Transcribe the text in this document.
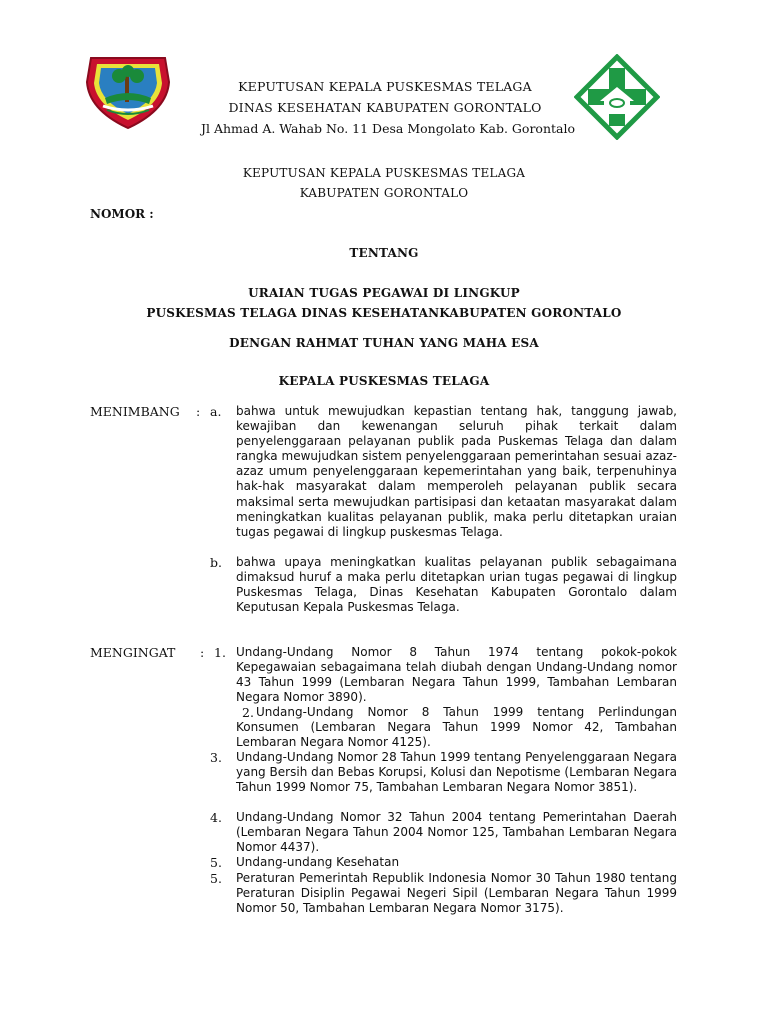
KEPUTUSAN KEPALA PUSKESMAS TELAGA
DINAS KESEHATAN KABUPATEN GORONTALO
Jl Ahmad A. Wahab No. 11 Desa Mongolato Kab. Gorontalo
KEPUTUSAN KEPALA PUSKESMAS TELAGA
KABUPATEN GORONTALO
NOMOR :
TENTANG
URAIAN TUGAS PEGAWAI DI LINGKUP
PUSKESMAS TELAGA DINAS KESEHATANKABUPATEN GORONTALO
DENGAN RAHMAT TUHAN YANG MAHA ESA
KEPALA PUSKESMAS TELAGA
MENIMBANG : a. bahwa untuk mewujudkan kepastian tentang hak, tanggung jawab, kewajiban dan kewenangan seluruh pihak terkait dalam penyelenggaraan pelayanan publik pada Puskemas Telaga dan dalam rangka mewujudkan sistem penyelenggaraan pemerintahan sesuai azaz-azaz umum penyelenggaraan kepemerintahan yang baik, terpenuhinya hak-hak masyarakat dalam memperoleh pelayanan publik secara maksimal serta mewujudkan partisipasi dan ketaatan masyarakat dalam meningkatkan kualitas pelayanan publik, maka perlu ditetapkan uraian tugas pegawai di lingkup puskesmas Telaga.
b. bahwa upaya meningkatkan kualitas pelayanan publik sebagaimana dimaksud huruf a maka perlu ditetapkan urian tugas pegawai di lingkup Puskesmas Telaga, Dinas Kesehatan Kabupaten Gorontalo dalam Keputusan Kepala Puskesmas Telaga.
MENGINGAT : 1. Undang-Undang Nomor 8 Tahun 1974 tentang pokok-pokok Kepegawaian sebagaimana telah diubah dengan Undang-Undang nomor 43 Tahun 1999 (Lembaran Negara Tahun 1999, Tambahan Lembaran Negara Nomor 3890).
2. Undang-Undang Nomor 8 Tahun 1999 tentang Perlindungan Konsumen (Lembaran Negara Tahun 1999 Nomor 42, Tambahan Lembaran Negara Nomor 4125).
3. Undang-Undang Nomor 28 Tahun 1999 tentang Penyelenggaraan Negara yang Bersih dan Bebas Korupsi, Kolusi dan Nepotisme (Lembaran Negara Tahun 1999 Nomor 75, Tambahan Lembaran Negara Nomor 3851).
4. Undang-Undang Nomor 32 Tahun 2004 tentang Pemerintahan Daerah (Lembaran Negara Tahun 2004 Nomor 125, Tambahan Lembaran Negara Nomor 4437).
5. Undang-undang Kesehatan
5. Peraturan Pemerintah Republik Indonesia Nomor 30 Tahun 1980 tentang Peraturan Disiplin Pegawai Negeri Sipil (Lembaran Negara Tahun 1999 Nomor 50, Tambahan Lembaran Negara Nomor 3175).
